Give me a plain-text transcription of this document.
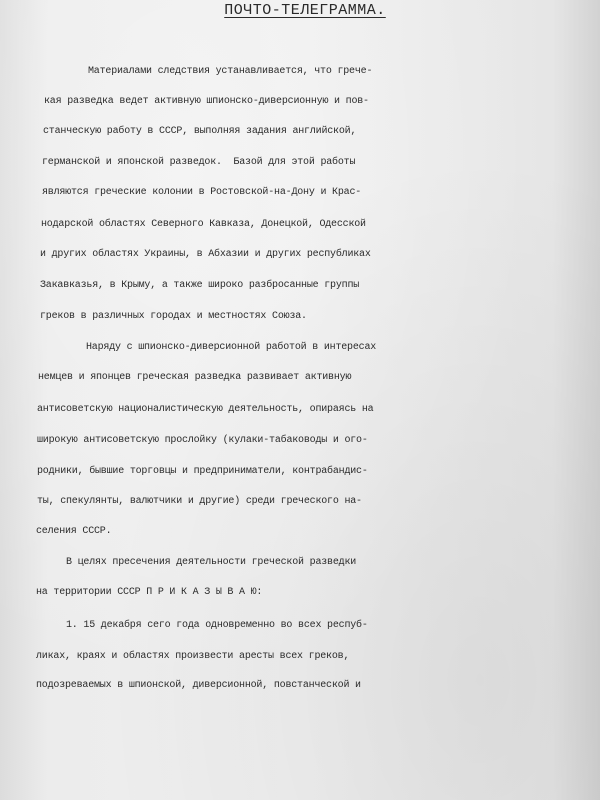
ПОЧТО-ТЕЛЕГРАММА.
Материалами следствия устанавливается, что грече-
кая разведка ведет активную шпионско-диверсионную и пов-
станческую работу в СССР, выполняя задания английской,
германской и японской разведок.  Базой для этой работы
являются греческие колонии в Ростовской-на-Дону и Крас-
нодарской областях Северного Кавказа, Донецкой, Одесской
и других областях Украины, в Абхазии и других республиках
Закавказья, в Крыму, а также широко разбросанные группы
греков в различных городах и местностях Союза.
Наряду с шпионско-диверсионной работой в интересах
немцев и японцев греческая разведка развивает активную
антисоветскую националистическую деятельность, опираясь на
широкую антисоветскую прослойку (кулаки-табаководы и ого-
родники, бывшие торговцы и предприниматели, контрабандис-
ты, спекулянты, валютчики и другие) среди греческого на-
селения СССР.
В целях пресечения деятельности греческой разведки
на территории СССР П Р И К А З Ы В А Ю:
1. 15 декабря сего года одновременно во всех респуб-
ликах, краях и областях произвести аресты всех греков,
подозреваемых в шпионской, диверсионной, повстанческой и
